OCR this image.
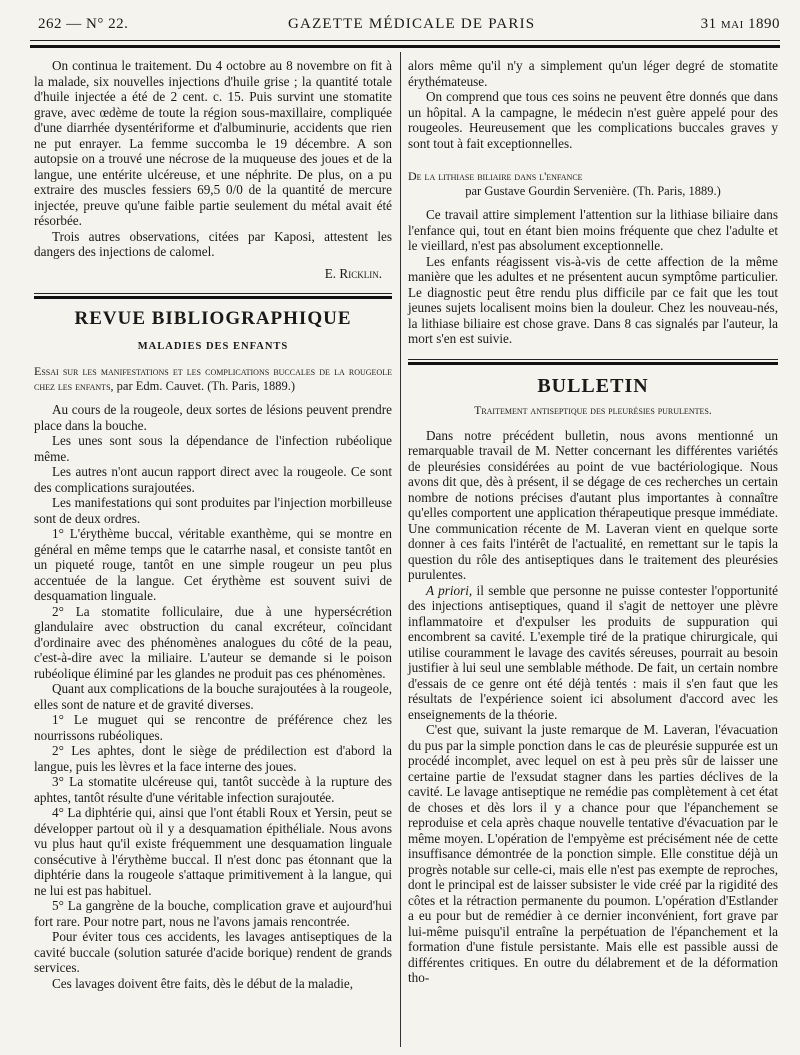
262 — N° 22.	GAZETTE MÉDICALE DE PARIS	31 MAI 1890

On continua le traitement. Du 4 octobre au 8 novembre on fit à la malade, six nouvelles injections d'huile grise ; la quantité totale d'huile injectée a été de 2 cent. c. 15. Puis survint une stomatite grave, avec œdème de toute la région sous-maxillaire, compliquée d'une diarrhée dysentériforme et d'albuminurie, accidents que rien ne put enrayer. La femme succomba le 19 décembre. A son autopsie on a trouvé une nécrose de la muqueuse des joues et de la langue, une entérite ulcéreuse, et une néphrite. De plus, on a pu extraire des muscles fessiers 69,5 0/0 de la quantité de mercure injectée, preuve qu'une faible partie seulement du métal avait été résorbée.

Trois autres observations, citées par Kaposi, attestent les dangers des injections de calomel.

E. Ricklin.
REVUE BIBLIOGRAPHIQUE
MALADIES DES ENFANTS

Essai sur les manifestations et les complications buccales de la rougeole chez les enfants, par Edm. Cauvet. (Th. Paris, 1889.)

Au cours de la rougeole, deux sortes de lésions peuvent prendre place dans la bouche.

Les unes sont sous la dépendance de l'infection rubéolique même.

Les autres n'ont aucun rapport direct avec la rougeole. Ce sont des complications surajoutées.

Les manifestations qui sont produites par l'injection morbilleuse sont de deux ordres.

1° L'érythème buccal, véritable exanthème, qui se montre en général en même temps que le catarrhe nasal, et consiste tantôt en un piqueté rouge, tantôt en une simple rougeur un peu plus accentuée de la langue. Cet érythème est souvent suivi de desquamation linguale.

2° La stomatite folliculaire, due à une hypersécrétion glandulaire avec obstruction du canal excréteur, coïncidant d'ordinaire avec des phénomènes analogues du côté de la peau, c'est-à-dire avec la miliaire. L'auteur se demande si le poison rubéolique éliminé par les glandes ne produit pas ces phénomènes.

Quant aux complications de la bouche surajoutées à la rougeole, elles sont de nature et de gravité diverses.

1° Le muguet qui se rencontre de préférence chez les nourrissons rubéoliques.

2° Les aphtes, dont le siège de prédilection est d'abord la langue, puis les lèvres et la face interne des joues.

3° La stomatite ulcéreuse qui, tantôt succède à la rupture des aphtes, tantôt résulte d'une véritable infection surajoutée.

4° La diphtérie qui, ainsi que l'ont établi Roux et Yersin, peut se développer partout où il y a desquamation épithéliale. Nous avons vu plus haut qu'il existe fréquemment une desquamation linguale consécutive à l'érythème buccal. Il n'est donc pas étonnant que la diphtérie dans la rougeole s'attaque primitivement à la langue, qui ne lui est pas habituel.

5° La gangrène de la bouche, complication grave et aujourd'hui fort rare. Pour notre part, nous ne l'avons jamais rencontrée.

Pour éviter tous ces accidents, les lavages antiseptiques de la cavité buccale (solution saturée d'acide borique) rendent de grands services.

Ces lavages doivent être faits, dès le début de la maladie,

alors même qu'il n'y a simplement qu'un léger degré de stomatite érythémateuse.

On comprend que tous ces soins ne peuvent être donnés que dans un hôpital. A la campagne, le médecin n'est guère appelé pour des rougeoles. Heureusement que les complications buccales graves y sont tout à fait exceptionnelles.

De la lithiase biliaire dans l'enfance
par Gustave Gourdin Servenière. (Th. Paris, 1889.)

Ce travail attire simplement l'attention sur la lithiase biliaire dans l'enfance qui, tout en étant bien moins fréquente que chez l'adulte et le vieillard, n'est pas absolument exceptionnelle.

Les enfants réagissent vis-à-vis de cette affection de la même manière que les adultes et ne présentent aucun symptôme particulier. Le diagnostic peut être rendu plus difficile par ce fait que les tout jeunes sujets localisent moins bien la douleur. Chez les nouveau-nés, la lithiase biliaire est chose grave. Dans 8 cas signalés par l'auteur, la mort s'en est suivie.

BULLETIN
Traitement antiseptique des pleurésies purulentes.

Dans notre précédent bulletin, nous avons mentionné un remarquable travail de M. Netter concernant les différentes variétés de pleurésies considérées au point de vue bactériologique. Nous avons dit que, dès à présent, il se dégage de ces recherches un certain nombre de notions précises d'autant plus importantes à connaître qu'elles comportent une application thérapeutique presque immédiate. Une communication récente de M. Laveran vient en quelque sorte donner à ces faits l'intérêt de l'actualité, en remettant sur le tapis la question du rôle des antiseptiques dans le traitement des pleurésies purulentes.

A priori, il semble que personne ne puisse contester l'opportunité des injections antiseptiques, quand il s'agit de nettoyer une plèvre inflammatoire et d'expulser les produits de suppuration qui encombrent sa cavité. L'exemple tiré de la pratique chirurgicale, qui utilise couramment le lavage des cavités séreuses, pourrait au besoin justifier à lui seul une semblable méthode. De fait, un certain nombre d'essais de ce genre ont été déjà tentés : mais il s'en faut que les résultats de l'expérience soient ici absolument d'accord avec les enseignements de la théorie.

C'est que, suivant la juste remarque de M. Laveran, l'évacuation du pus par la simple ponction dans le cas de pleurésie suppurée est un procédé incomplet, avec lequel on est à peu près sûr de laisser une certaine partie de l'exsudat stagner dans les parties déclives de la cavité. Le lavage antiseptique ne remédie pas complètement à cet état de choses et dès lors il y a chance pour que l'épanchement se reproduise et cela après chaque nouvelle tentative d'évacuation par le même moyen. L'opération de l'empyème est précisément née de cette insuffisance démontrée de la ponction simple. Elle constitue déjà un progrès notable sur celle-ci, mais elle n'est pas exempte de reproches, dont le principal est de laisser subsister le vide créé par la rigidité des côtes et la rétraction permanente du poumon. L'opération d'Estlander a eu pour but de remédier à ce dernier inconvénient, fort grave par lui-même puisqu'il entraîne la perpétuation de l'épanchement et la formation d'une fistule persistante. Mais elle est passible aussi de différentes critiques. En outre du délabrement et de la déformation tho-
